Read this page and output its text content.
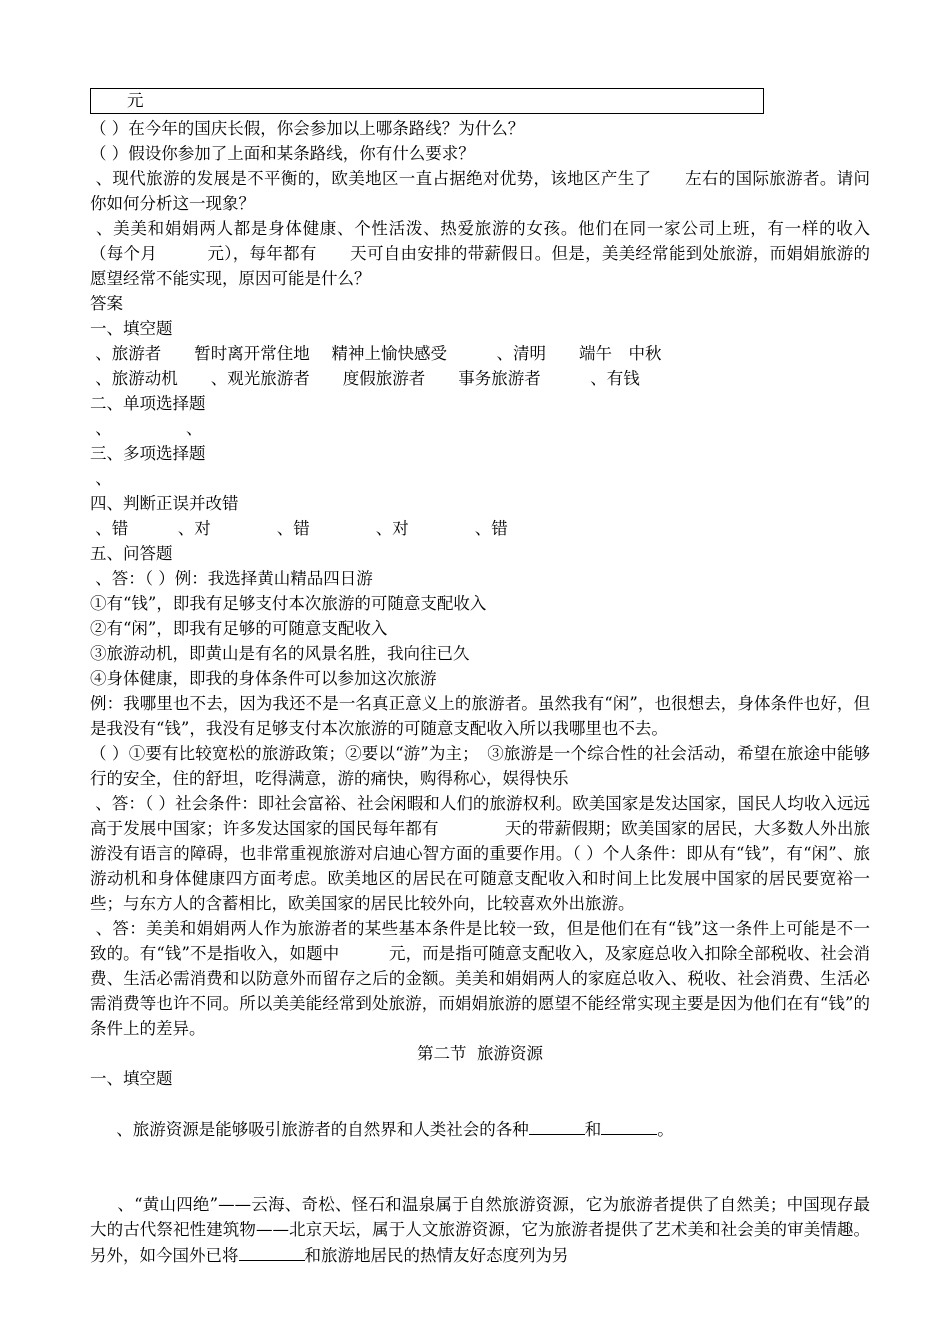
元

（ ）在今年的国庆长假，你会参加以上哪条路线？为什么？

（ ）假设你参加了上面和某条路线，你有什么要求？

、现代旅游的发展是不平衡的，欧美地区一直占据绝对优势，该地区产生了　　左右的国际旅游者。请问你如何分析这一现象？

、美美和娟娟两人都是身体健康、个性活泼、热爱旅游的女孩。他们在同一家公司上班，有一样的收入（每个月　　　元），每年都有　　天可自由安排的带薪假日。但是，美美经常能到处旅游，而娟娟旅游的愿望经常不能实现，原因可能是什么？

答案

一、填空题

、旅游者　　暂时离开常住地　 精神上愉快感受　　　、清明　　端午　中秋

、旅游动机　　、观光旅游者　　度假旅游者　　事务旅游者　　　、有钱

二、单项选择题

、　　　　　、

三、多项选择题

、

四、判断正误并改错

、错　　　、对　　　　、错　　　　、对　　　　、错

五、问答题

、答：（ ）例：我选择黄山精品四日游

①有“钱”，即我有足够支付本次旅游的可随意支配收入

②有“闲”，即我有足够的可随意支配收入

③旅游动机，即黄山是有名的风景名胜，我向往已久

④身体健康，即我的身体条件可以参加这次旅游

例：我哪里也不去，因为我还不是一名真正意义上的旅游者。虽然我有“闲”，也很想去，身体条件也好，但是我没有“钱”，我没有足够支付本次旅游的可随意支配收入所以我哪里也不去。

（ ）①要有比较宽松的旅游政策；②要以“游”为主；　③旅游是一个综合性的社会活动，希望在旅途中能够行的安全，住的舒坦，吃得满意，游的痛快，购得称心，娱得快乐

、答：（ ）社会条件：即社会富裕、社会闲暇和人们的旅游权利。欧美国家是发达国家，国民人均收入远远高于发展中国家；许多发达国家的国民每年都有　　　　天的带薪假期；欧美国家的居民，大多数人外出旅游没有语言的障碍，也非常重视旅游对启迪心智方面的重要作用。（ ）个人条件：即从有“钱”，有“闲”、旅游动机和身体健康四方面考虑。欧美地区的居民在可随意支配收入和时间上比发展中国家的居民要宽裕一些；与东方人的含蓄相比，欧美国家的居民比较外向，比较喜欢外出旅游。

、答：美美和娟娟两人作为旅游者的某些基本条件是比较一致，但是他们在有“钱”这一条件上可能是不一致的。有“钱”不是指收入，如题中　　　元，而是指可随意支配收入，及家庭总收入扣除全部税收、社会消费、生活必需消费和以防意外而留存之后的金额。美美和娟娟两人的家庭总收入、税收、社会消费、生活必需消费等也许不同。所以美美能经常到处旅游，而娟娟旅游的愿望不能经常实现主要是因为他们在有“钱”的条件上的差异。

第二节  旅游资源

一、填空题

、旅游资源是能够吸引旅游者的自然界和人类社会的各种	和	。

、“黄山四绝”——云海、奇松、怪石和温泉属于自然旅游资源，它为旅游者提供了自然美；中国现存最大的古代祭祀性建筑物——北京天坛，属于人文旅游资源，它为旅游者提供了艺术美和社会美的审美情趣。另外，如今国外已将	和旅游地居民的热情友好态度列为另
